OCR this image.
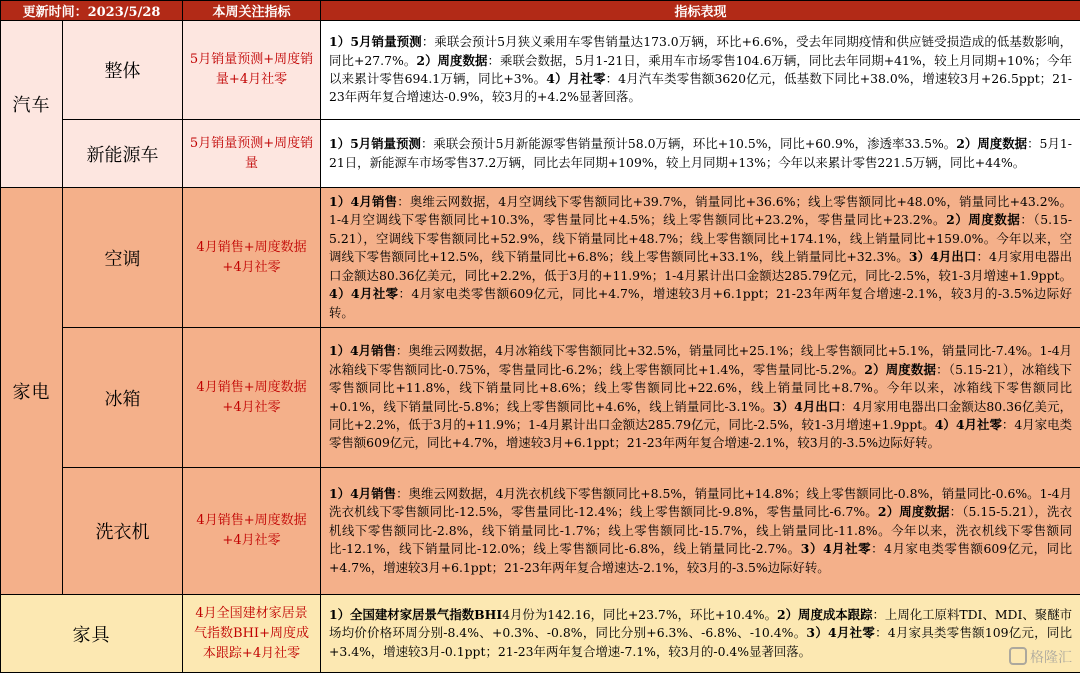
更新时间：2023/5/28		本周关注指标	指标表现
汽车	整体	5月销量预测+周度销量+4月社零	1）5月销量预测：乘联会预计5月狭义乘用车零售销量达173.0万辆，环比+6.6%，受去年同期疫情和供应链受损造成的低基数影响，同比+27.7%。2）周度数据：乘联会数据，5月1-21日，乘用车市场零售104.6万辆，同比去年同期+41%，较上月同期+10%；今年以来累计零售694.1万辆，同比+3%。4）月社零：4月汽车类零售额3620亿元，低基数下同比+38.0%，增速较3月+26.5ppt；21-23年两年复合增速达-0.9%，较3月的+4.2%显著回落。
	新能源车	5月销量预测+周度销量	1）5月销量预测：乘联会预计5月新能源零售销量预计58.0万辆，环比+10.5%，同比+60.9%，渗透率33.5%。2）周度数据：5月1-21日，新能源车市场零售37.2万辆，同比去年同期+109%，较上月同期+13%；今年以来累计零售221.5万辆，同比+44%。
家电	空调	4月销售+周度数据+4月社零	1）4月销售：奥维云网数据，4月空调线下零售额同比+39.7%，销量同比+36.6%；线上零售额同比+48.0%，销量同比+43.2%。1-4月空调线下零售额同比+10.3%，零售量同比+4.5%；线上零售额同比+23.2%，零售量同比+23.2%。2）周度数据：（5.15-5.21），空调线下零售额同比+52.9%，线下销量同比+48.7%；线上零售额同比+174.1%，线上销量同比+159.0%。今年以来，空调线下零售额同比+12.5%，线下销量同比+6.8%；线上零售额同比+33.1%，线上销量同比+32.3%。3）4月出口：4月家用电器出口金额达80.36亿美元，同比+2.2%，低于3月的+11.9%；1-4月累计出口金额达285.79亿元，同比-2.5%，较1-3月增速+1.9ppt。4）4月社零：4月家电类零售额609亿元，同比+4.7%，增速较3月+6.1ppt；21-23年两年复合增速-2.1%，较3月的-3.5%边际好转。
	冰箱	4月销售+周度数据+4月社零	1）4月销售：奥维云网数据，4月冰箱线下零售额同比+32.5%，销量同比+25.1%；线上零售额同比+5.1%，销量同比-7.4%。1-4月冰箱线下零售额同比-0.75%，零售量同比-6.2%；线上零售额同比+1.4%，零售量同比-5.2%。2）周度数据：（5.15-21），冰箱线下零售额同比+11.8%，线下销量同比+8.6%；线上零售额同比+22.6%，线上销量同比+8.7%。今年以来，冰箱线下零售额同比+0.1%，线下销量同比-5.8%；线上零售额同比+4.6%，线上销量同比-3.1%。3）4月出口：4月家用电器出口金额达80.36亿美元，同比+2.2%，低于3月的+11.9%；1-4月累计出口金额达285.79亿元，同比-2.5%，较1-3月增速+1.9ppt。4）4月社零：4月家电类零售额609亿元，同比+4.7%，增速较3月+6.1ppt；21-23年两年复合增速-2.1%，较3月的-3.5%边际好转。
	洗衣机	4月销售+周度数据+4月社零	1）4月销售：奥维云网数据，4月洗衣机线下零售额同比+8.5%，销量同比+14.8%；线上零售额同比-0.8%，销量同比-0.6%。1-4月洗衣机线下零售额同比-12.5%，零售量同比-12.4%；线上零售额同比-9.8%，零售量同比-6.7%。2）周度数据：（5.15-5.21），洗衣机线下零售额同比-2.8%，线下销量同比-1.7%；线上零售额同比-15.7%，线上销量同比-11.8%。今年以来，洗衣机线下零售额同比-12.1%，线下销量同比-12.0%；线上零售额同比-6.8%，线上销量同比-2.7%。3）4月社零：4月家电类零售额609亿元，同比+4.7%，增速较3月+6.1ppt；21-23年两年复合增速达-2.1%，较3月的-3.5%边际好转。
家具		4月全国建材家居景气指数BHI+周度成本跟踪+4月社零	1）全国建材家居景气指数BHI4月份为142.16，同比+23.7%，环比+10.4%。2）周度成本跟踪：上周化工原料TDI、MDI、聚醚市场均价价格环周分别-8.4%、+0.3%、-0.8%，同比分别+6.3%、-6.8%、-10.4%。3）4月社零：4月家具类零售额109亿元，同比+3.4%，增速较3月-0.1ppt；21-23年两年复合增速-7.1%，较3月的-0.4%显著回落。	格隆汇
